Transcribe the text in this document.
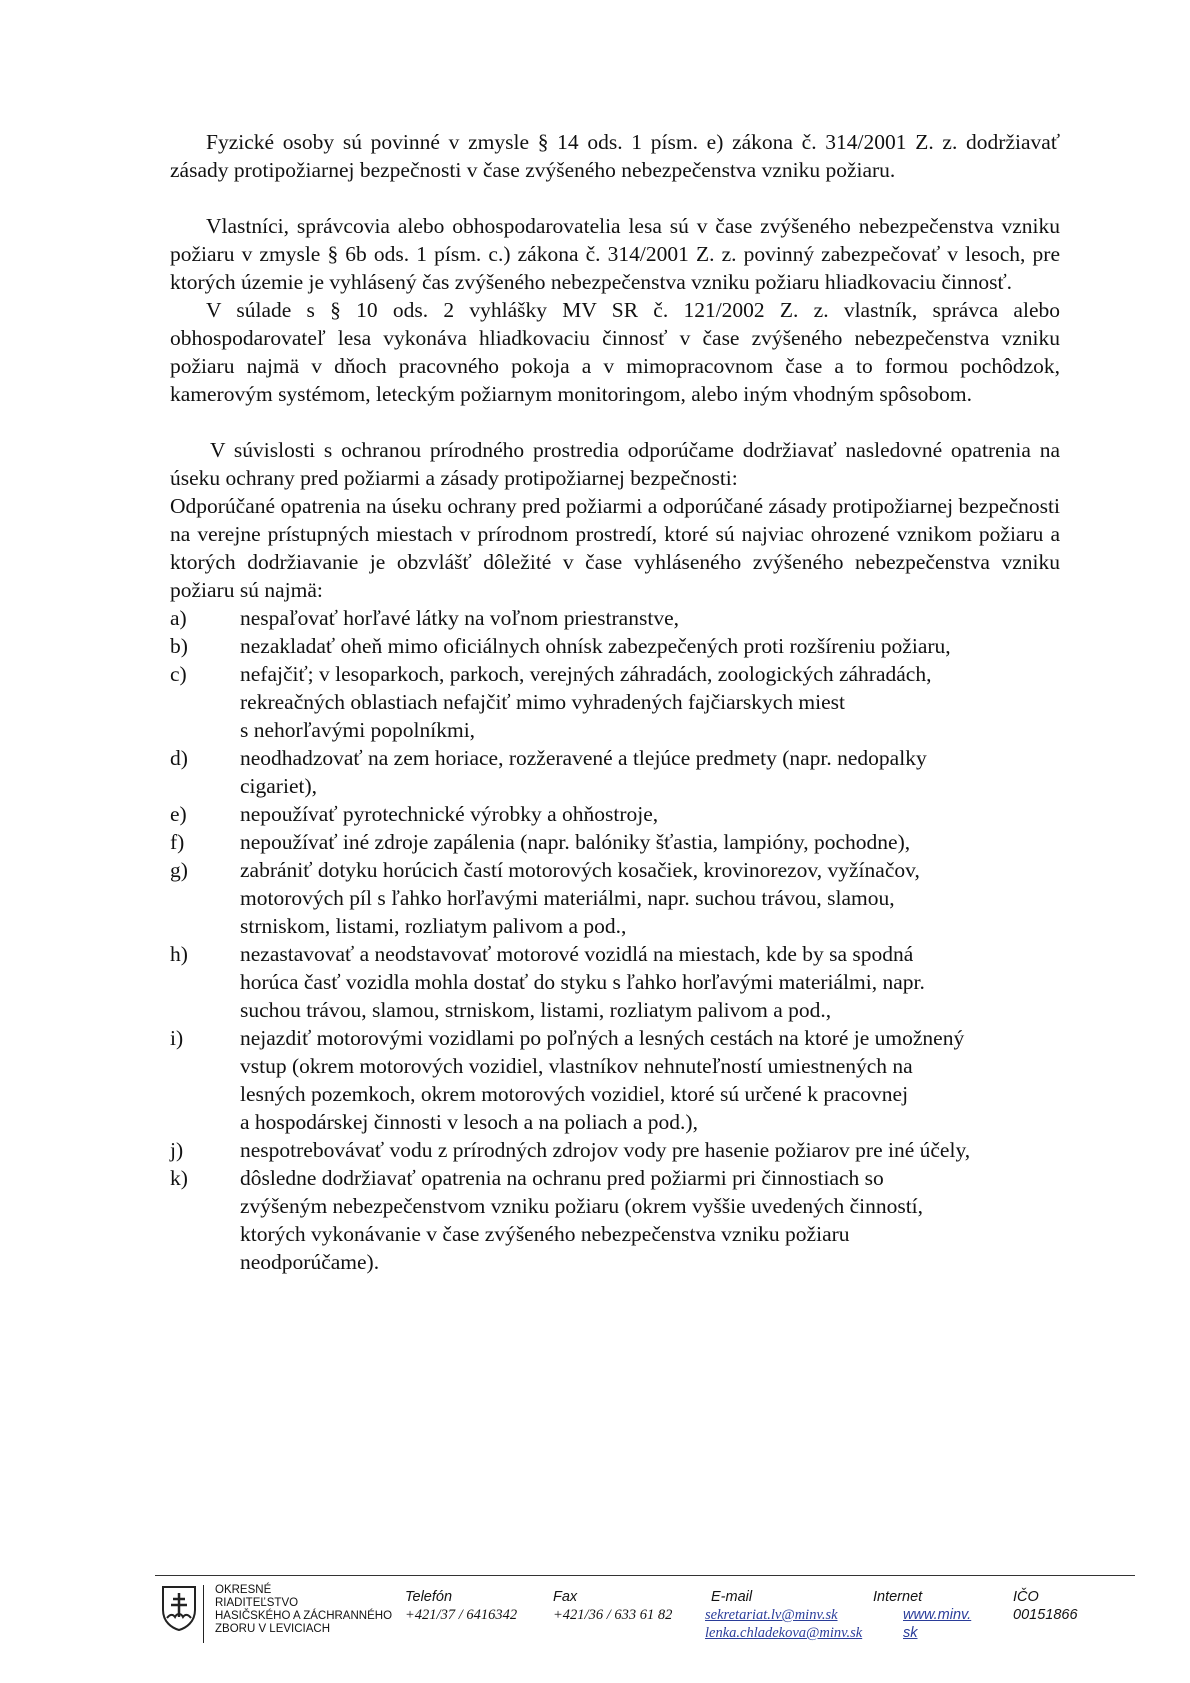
Fyzické osoby sú povinné v zmysle § 14 ods. 1 písm. e) zákona č. 314/2001 Z. z. dodržiavať zásady protipožiarnej bezpečnosti v čase zvýšeného nebezpečenstva vzniku požiaru.

Vlastníci, správcovia alebo obhospodarovatelia lesa sú v čase zvýšeného nebezpečenstva vzniku požiaru v zmysle § 6b ods. 1 písm. c.) zákona č. 314/2001 Z. z. povinný zabezpečovať v lesoch, pre ktorých územie je vyhlásený čas zvýšeného nebezpečenstva vzniku požiaru hliadkovaciu činnosť.

V súlade s § 10 ods. 2 vyhlášky MV SR č. 121/2002 Z. z. vlastník, správca alebo obhospodarovateľ lesa vykonáva hliadkovaciu činnosť v čase zvýšeného nebezpečenstva vzniku požiaru najmä v dňoch pracovného pokoja a v mimopracovnom čase a to formou pochôdzok, kamerovým systémom, leteckým požiarnym monitoringom, alebo iným vhodným spôsobom.

V súvislosti s ochranou prírodného prostredia odporúčame dodržiavať nasledovné opatrenia na úseku ochrany pred požiarmi a zásady protipožiarnej bezpečnosti:

Odporúčané opatrenia na úseku ochrany pred požiarmi a odporúčané zásady protipožiarnej bezpečnosti na verejne prístupných miestach v prírodnom prostredí, ktoré sú najviac ohrozené vznikom požiaru a ktorých dodržiavanie je obzvlášť dôležité v čase vyhláseného zvýšeného nebezpečenstva vzniku požiaru sú najmä:

a) nespaľovať horľavé látky na voľnom priestranstve,
b) nezakladať oheň mimo oficiálnych ohnísk zabezpečených proti rozšíreniu požiaru,
c) nefajčiť; v lesoparkoch, parkoch, verejných záhradách, zoologických záhradách,
rekreačných oblastiach nefajčiť mimo vyhradených fajčiarskych miest
s nehorľavými popolníkmi,
d) neodhadzovať na zem horiace, rozžeravené a tlejúce predmety (napr. nedopalky
cigariet),
e) nepoužívať pyrotechnické výrobky a ohňostroje,
f)	nepoužívať iné zdroje zapálenia (napr. balóniky šťastia, lampióny, pochodne),
g) zabrániť dotyku horúcich častí motorových kosačiek, krovinorezov, vyžínačov,
motorových píl s ľahko horľavými materiálmi, napr. suchou trávou, slamou,
strniskom, listami, rozliatym palivom a pod.,
h) nezastavovať a neodstavovať motorové vozidlá na miestach, kde by sa spodná
horúca časť vozidla mohla dostať do styku s ľahko horľavými materiálmi, napr.
suchou trávou, slamou, strniskom, listami, rozliatym palivom a pod.,
i)	nejazdiť motorovými vozidlami po poľných a lesných cestách na ktoré je umožnený
vstup (okrem motorových vozidiel, vlastníkov nehnuteľností umiestnených na
lesných pozemkoch, okrem motorových vozidiel, ktoré sú určené k pracovnej
a hospodárskej činnosti v lesoch a na poliach a pod.),
j)	nespotrebovávať vodu z prírodných zdrojov vody pre hasenie požiarov pre iné účely,
k) dôsledne dodržiavať opatrenia na ochranu pred požiarmi pri činnostiach so
zvýšeným nebezpečenstvom vzniku požiaru (okrem vyššie uvedených činností,
ktorých vykonávanie v čase zvýšeného nebezpečenstva vzniku požiaru
neodporúčame).
OKRESNÉ
RIADITEĽSTVO
HASIČSKÉHO A ZÁCHRANNÉHO
ZBORU V LEVICIACH
Telefón
+421/37 / 6416342
Fax
+421/36 / 633 61 82
E-mail
sekretariat.lv@minv.sk
lenka.chladekova@minv.sk
Internet
www.minv.
sk
IČO
00151866
